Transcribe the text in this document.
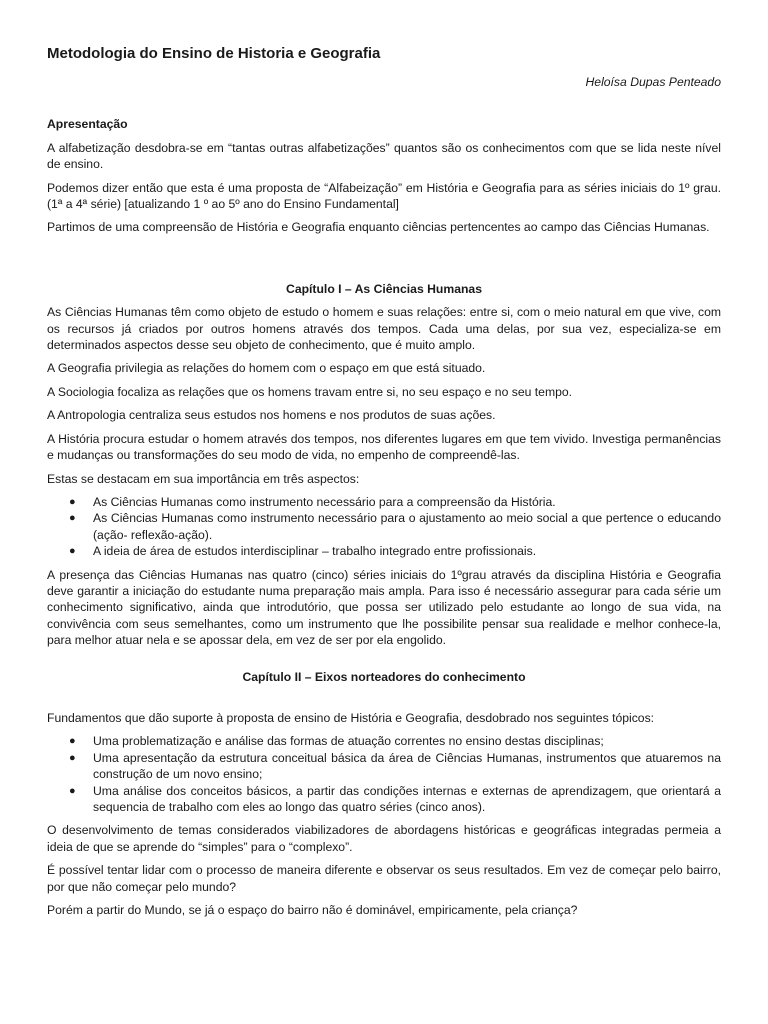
Metodologia do Ensino de Historia e Geografia
Heloísa Dupas Penteado
Apresentação

A alfabetização desdobra-se em “tantas outras alfabetizações” quantos são os conhecimentos com que se lida neste nível de ensino.

Podemos dizer então que esta é uma proposta de “Alfabeização” em História e Geografia para as séries iniciais do 1º grau.(1ª a 4ª série) [atualizando 1 º ao 5º ano do Ensino Fundamental]

Partimos de uma compreensão de História e Geografia enquanto ciências pertencentes ao campo das Ciências Humanas.

Capítulo I – As Ciências Humanas

As Ciências Humanas têm como objeto de estudo o homem e suas relações: entre si, com o meio natural em que vive, com os recursos já criados por outros homens através dos tempos. Cada uma delas, por sua vez, especializa-se em determinados aspectos desse seu objeto de conhecimento, que é muito amplo.

A Geografia privilegia as relações do homem com o espaço em que está situado.

A Sociologia focaliza as relações que os homens travam entre si, no seu espaço e no seu tempo.

A Antropologia centraliza seus estudos nos homens e nos produtos de suas ações.

A História procura estudar o homem através dos tempos, nos diferentes lugares em que tem vivido. Investiga permanências e mudanças ou transformações do seu modo de vida, no empenho de compreendê-las.

Estas se destacam em sua importância em três aspectos:

● As Ciências Humanas como instrumento necessário para a compreensão da História.
● As Ciências Humanas como instrumento necessário para o ajustamento ao meio social a que pertence o educando (ação- reflexão-ação).
● A ideia de área de estudos interdisciplinar – trabalho integrado entre profissionais.

A presença das Ciências Humanas nas quatro (cinco) séries iniciais do 1ºgrau através da disciplina História e Geografia deve garantir a iniciação do estudante numa preparação mais ampla. Para isso é necessário assegurar para cada série um conhecimento significativo, ainda que introdutório, que possa ser utilizado pelo estudante ao longo de sua vida, na convivência com seus semelhantes, como um instrumento que lhe possibilite pensar sua realidade e melhor conhece-la, para melhor atuar nela e se apossar dela, em vez de ser por ela engolido.

Capítulo II – Eixos norteadores do conhecimento

Fundamentos que dão suporte à proposta de ensino de História e Geografia, desdobrado nos seguintes tópicos:

● Uma problematização e análise das formas de atuação correntes no ensino destas disciplinas;
● Uma apresentação da estrutura conceitual básica da área de Ciências Humanas, instrumentos que atuaremos na construção de um novo ensino;
● Uma análise dos conceitos básicos, a partir das condições internas e externas de aprendizagem, que orientará a sequencia de trabalho com eles ao longo das quatro séries (cinco anos).

O desenvolvimento de temas considerados viabilizadores de abordagens históricas e geográficas integradas permeia a ideia de que se aprende do “simples” para o “complexo”.

É possível tentar lidar com o processo de maneira diferente e observar os seus resultados. Em vez de começar pelo bairro, por que não começar pelo mundo?

Porém a partir do Mundo, se já o espaço do bairro não é dominável, empiricamente, pela criança?
